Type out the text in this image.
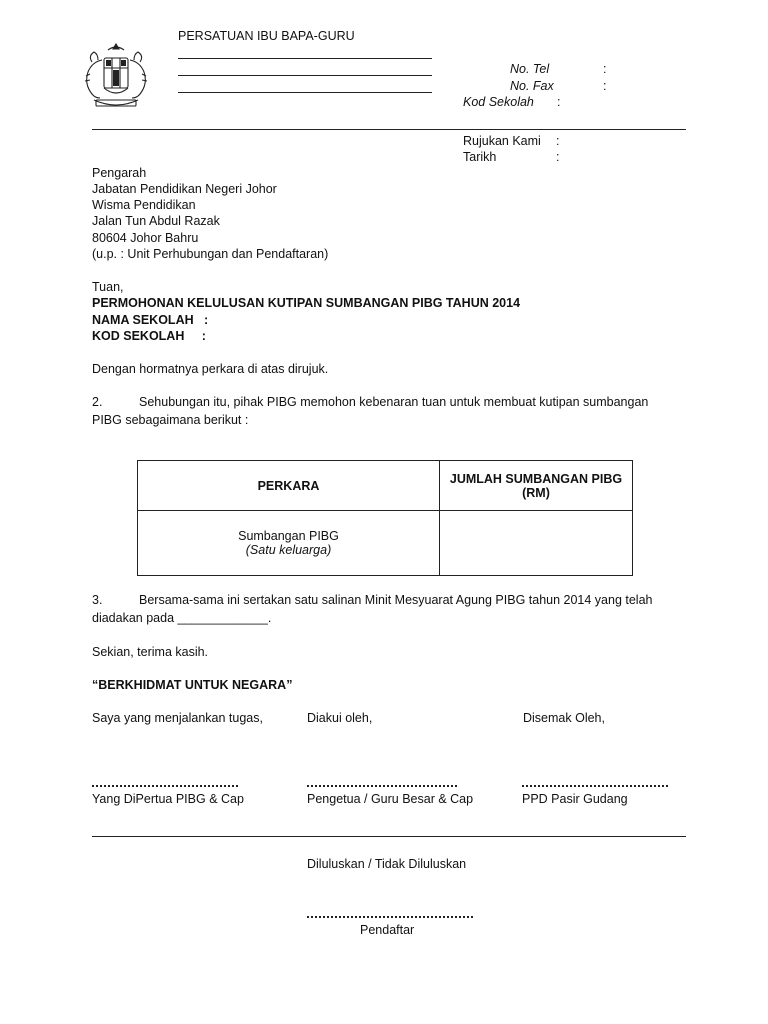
PERSATUAN IBU BAPA-GURU
No. Tel	:
No. Fax	:
Kod Sekolah :
Rujukan Kami :
Tarikh	:
Pengarah
Jabatan Pendidikan Negeri Johor
Wisma Pendidikan
Jalan Tun Abdul Razak
80604 Johor Bahru
(u.p. : Unit Perhubungan dan Pendaftaran)
Tuan,
PERMOHONAN KELULUSAN KUTIPAN SUMBANGAN PIBG TAHUN 2014
NAMA SEKOLAH   :
KOD SEKOLAH     :
Dengan hormatnya perkara di atas dirujuk.
2.	Sehubungan itu, pihak PIBG memohon kebenaran tuan untuk membuat kutipan sumbangan
PIBG sebagaimana berikut :
PERKARA	JUMLAH SUMBANGAN PIBG
(RM)

Sumbangan PIBG
(Satu keluarga)	

3.	Bersama-sama ini sertakan satu salinan Minit Mesyuarat Agung PIBG tahun 2014 yang telah
diadakan pada _____________.
Sekian, terima kasih.
“BERKHIDMAT UNTUK NEGARA”
Saya yang menjalankan tugas,	Diakui oleh,	Disemak Oleh,
Yang DiPertua PIBG & Cap	Pengetua / Guru Besar & Cap	PPD Pasir Gudang
Diluluskan / Tidak Diluluskan
Pendaftar
